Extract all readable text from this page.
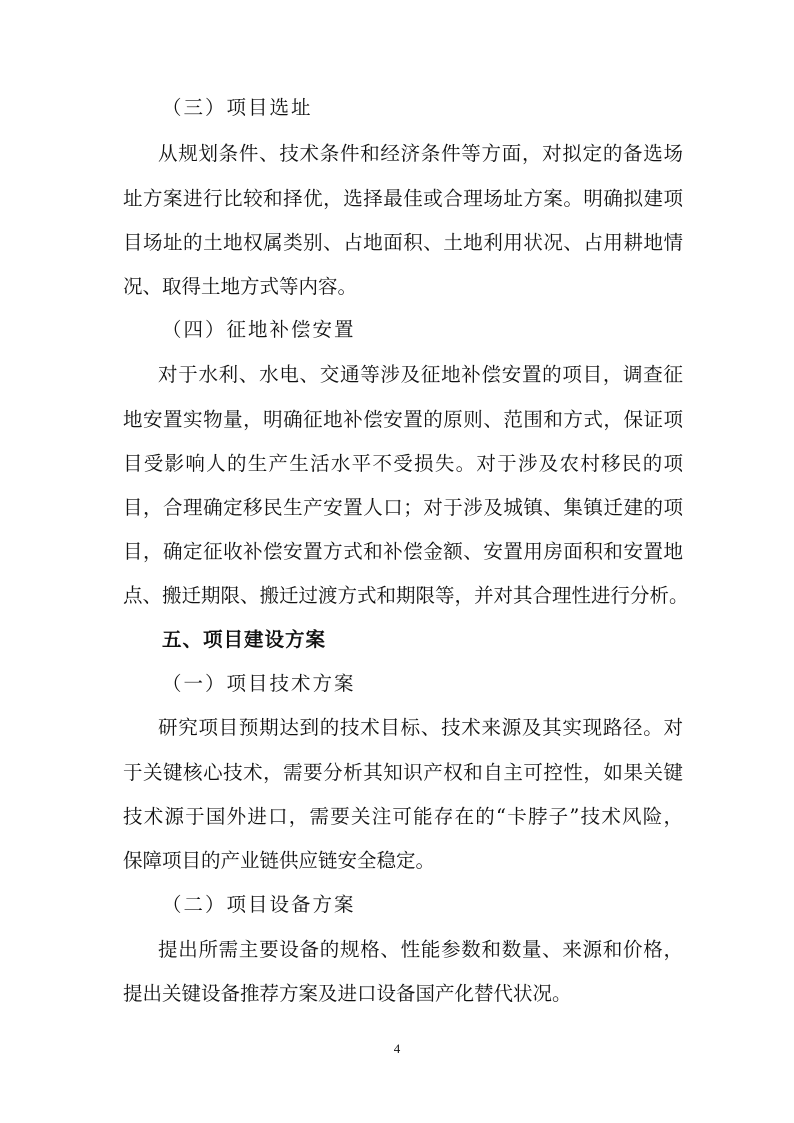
（三）项目选址
从规划条件、技术条件和经济条件等方面，对拟定的备选场
址方案进行比较和择优，选择最佳或合理场址方案。明确拟建项
目场址的土地权属类别、占地面积、土地利用状况、占用耕地情
况、取得土地方式等内容。
（四）征地补偿安置
对于水利、水电、交通等涉及征地补偿安置的项目，调查征
地安置实物量，明确征地补偿安置的原则、范围和方式，保证项
目受影响人的生产生活水平不受损失。对于涉及农村移民的项
目，合理确定移民生产安置人口；对于涉及城镇、集镇迁建的项
目，确定征收补偿安置方式和补偿金额、安置用房面积和安置地
点、搬迁期限、搬迁过渡方式和期限等，并对其合理性进行分析。
五、项目建设方案
（一）项目技术方案
研究项目预期达到的技术目标、技术来源及其实现路径。对
于关键核心技术，需要分析其知识产权和自主可控性，如果关键
技术源于国外进口，需要关注可能存在的“卡脖子”技术风险，
保障项目的产业链供应链安全稳定。
（二）项目设备方案
提出所需主要设备的规格、性能参数和数量、来源和价格，
提出关键设备推荐方案及进口设备国产化替代状况。
4
